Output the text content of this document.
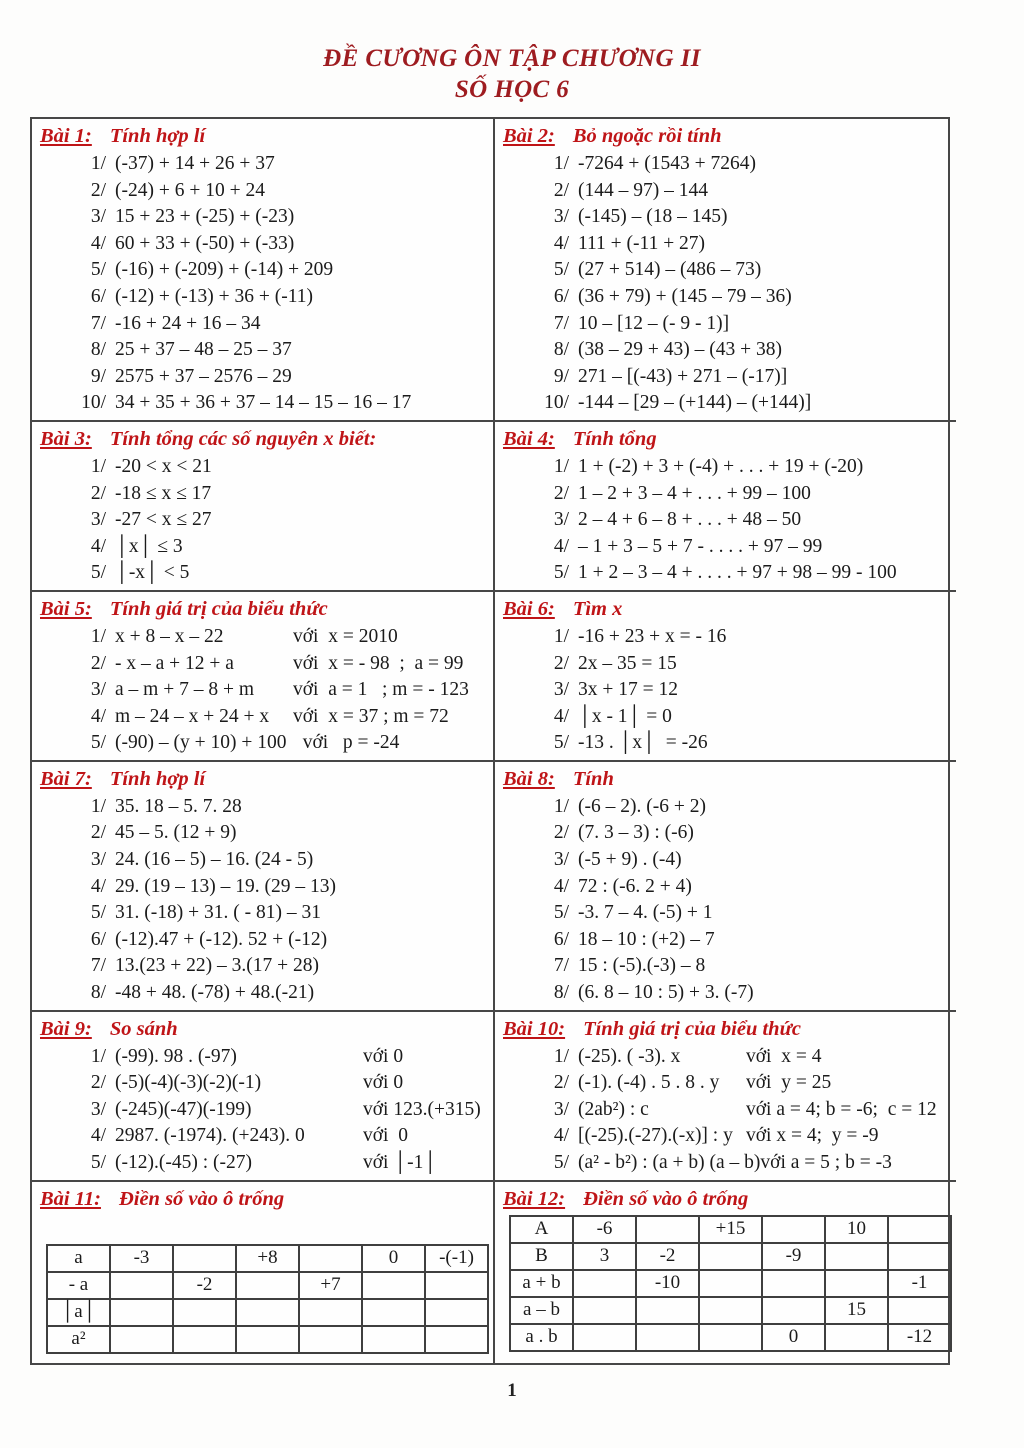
ĐỀ CƯƠNG ÔN TẬP CHƯƠNG II
SỐ HỌC 6
Bài 1: Tính hợp lí
1/ (-37) + 14 + 26 + 37
2/ (-24) + 6 + 10 + 24
3/ 15 + 23 + (-25) + (-23)
4/ 60 + 33 + (-50) + (-33)
5/ (-16) + (-209) + (-14) + 209
6/ (-12) + (-13) + 36 + (-11)
7/ -16 + 24 + 16 – 34
8/ 25 + 37 – 48 – 25 – 37
9/ 2575 + 37 – 2576 – 29
10/ 34 + 35 + 36 + 37 – 14 – 15 – 16 – 17
Bài 2: Bỏ ngoặc rồi tính
1/ -7264 + (1543 + 7264)
2/ (144 – 97) – 144
3/ (-145) – (18 – 145)
4/ 111 + (-11 + 27)
5/ (27 + 514) – (486 – 73)
6/ (36 + 79) + (145 – 79 – 36)
7/ 10 – [12 – (- 9 - 1)]
8/ (38 – 29 + 43) – (43 + 38)
9/ 271 – [(-43) + 271 – (-17)]
10/ -144 – [29 – (+144) – (+144)]
Bài 3: Tính tổng các số nguyên x biết:
1/ -20 < x < 21
2/ -18 ≤ x ≤ 17
3/ -27 < x ≤ 27
4/ │x│ ≤ 3
5/ │-x│ < 5
Bài 4: Tính tổng
1/ 1 + (-2) + 3 + (-4) + . . . + 19 + (-20)
2/ 1 – 2 + 3 – 4 + . . . + 99 – 100
3/ 2 – 4 + 6 – 8 + . . . + 48 – 50
4/ – 1 + 3 – 5 + 7 - . . . . + 97 – 99
5/ 1 + 2 – 3 – 4 + . . . . + 97 + 98 – 99 - 100
Bài 5: Tính giá trị của biểu thức
1/ x + 8 – x – 22	với  x = 2010
2/ - x – a + 12 + a	với  x = - 98  ;  a = 99
3/ a – m + 7 – 8 + m	với  a = 1   ; m = - 123
4/ m – 24 – x + 24 + x	với  x = 37 ; m = 72
5/ (-90) – (y + 10) + 100 với   p = -24
Bài 6: Tìm x
1/ -16 + 23 + x = - 16
2/ 2x – 35 = 15
3/ 3x + 17 = 12
4/ │x - 1│ = 0
5/ -13 . │x│  = -26
Bài 7: Tính hợp lí
1/ 35. 18 – 5. 7. 28
2/ 45 – 5. (12 + 9)
3/ 24. (16 – 5) – 16. (24 - 5)
4/ 29. (19 – 13) – 19. (29 – 13)
5/ 31. (-18) + 31. ( - 81) – 31
6/ (-12).47 + (-12). 52 + (-12)
7/ 13.(23 + 22) – 3.(17 + 28)
8/ -48 + 48. (-78) + 48.(-21)
Bài 8: Tính
1/ (-6 – 2). (-6 + 2)
2/ (7. 3 – 3) : (-6)
3/ (-5 + 9) . (-4)
4/ 72 : (-6. 2 + 4)
5/ -3. 7 – 4. (-5) + 1
6/ 18 – 10 : (+2) – 7
7/ 15 : (-5).(-3) – 8
8/ (6. 8 – 10 : 5) + 3. (-7)
Bài 9: So sánh
1/ (-99). 98 . (-97)	với 0
2/ (-5)(-4)(-3)(-2)(-1)	với 0
3/ (-245)(-47)(-199)	với 123.(+315)
4/ 2987. (-1974). (+243). 0	với  0
5/ (-12).(-45) : (-27)	với │-1│
Bài 10: Tính giá trị của biểu thức
1/ (-25). ( -3). x	với  x = 4
2/ (-1). (-4) . 5 . 8 . y	với  y = 25
3/ (2ab²) : c	với a = 4; b = -6;  c = 12
4/ [(-25).(-27).(-x)] : y với x = 4;  y = -9
5/ (a² - b²) : (a + b) (a – b) với a = 5 ; b = -3
Bài 11: Điền số vào ô trống
a	-3		+8		0	-(-1)
- a		-2		+7		
│a│						
a²						
Bài 12: Điền số vào ô trống
A	-6		+15		10	
B	3	-2		-9		
a + b		-10				-1
a – b					15	
a . b				0		-12
1
